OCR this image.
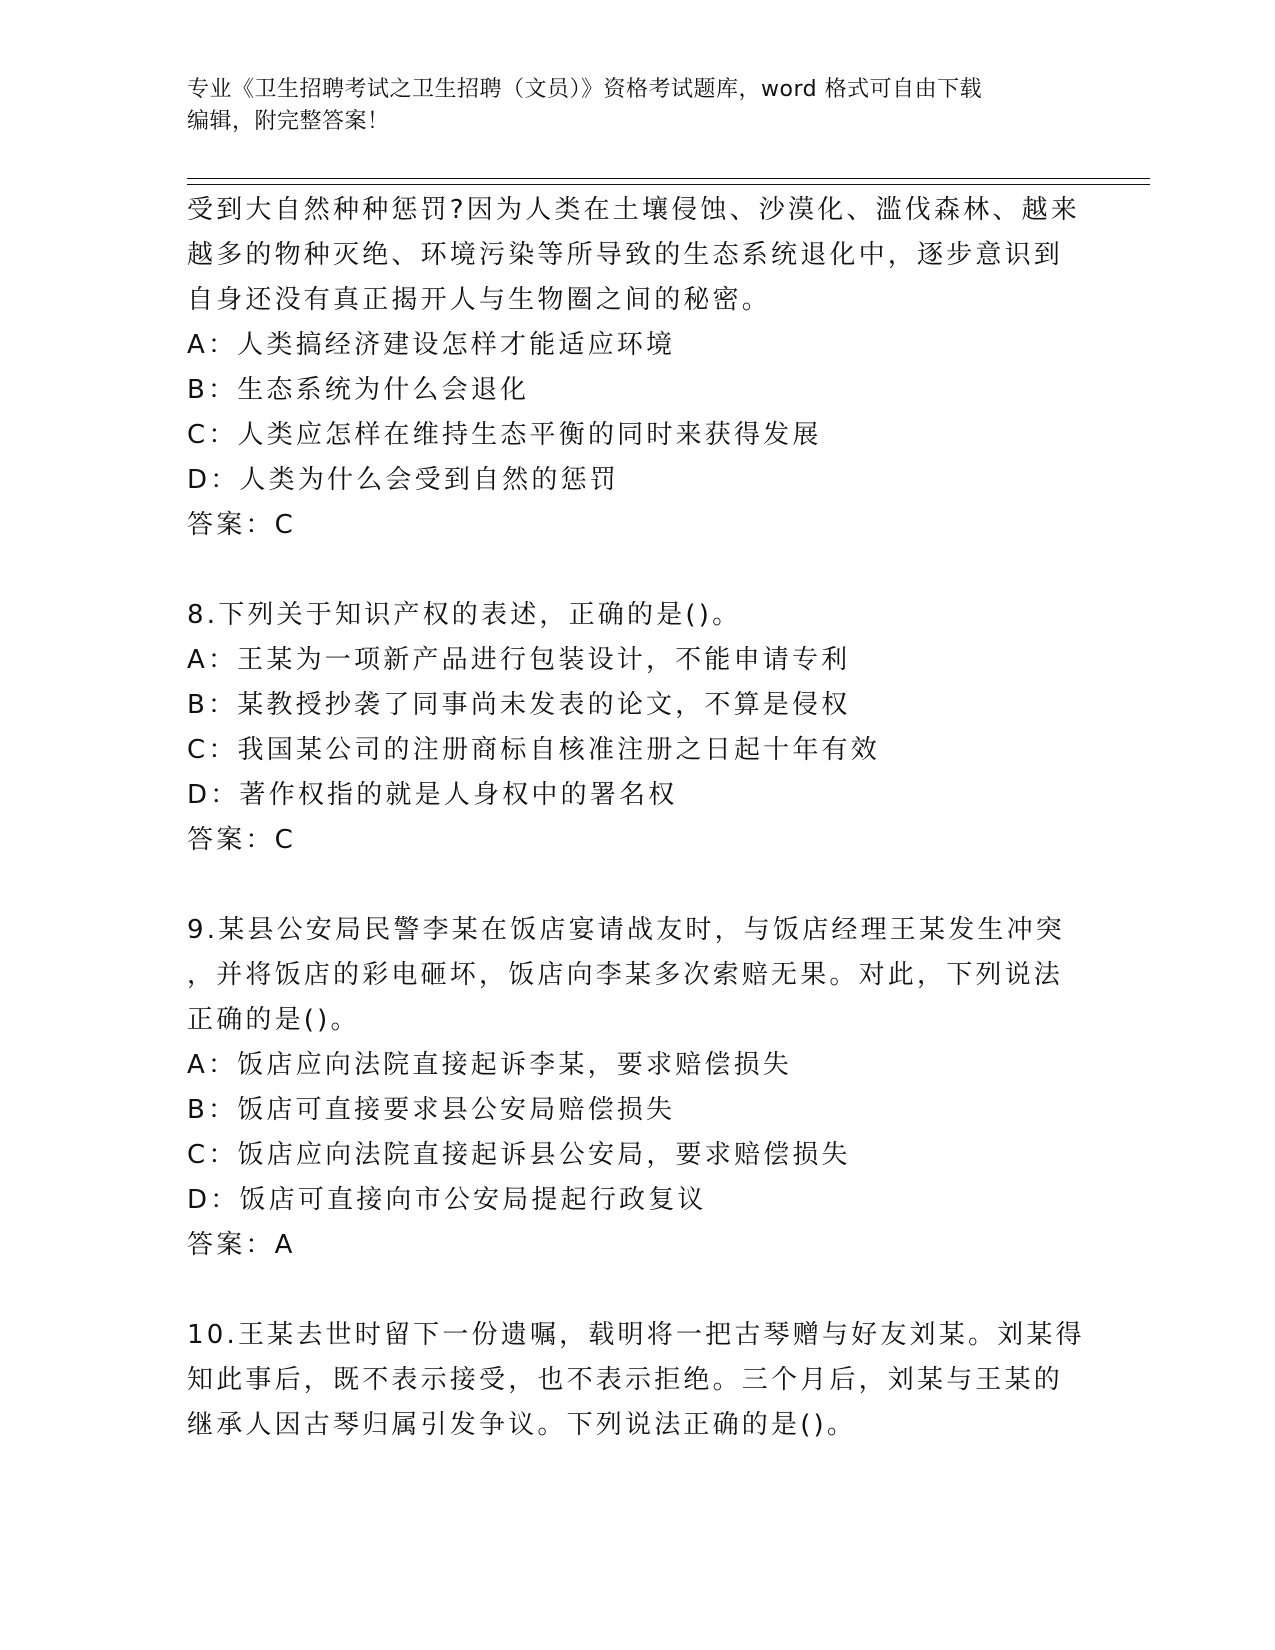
专业《卫生招聘考试之卫生招聘（文员）》资格考试题库，word 格式可自由下载
编辑，附完整答案！
受到大自然种种惩罚?因为人类在土壤侵蚀、沙漠化、滥伐森林、越来
越多的物种灭绝、环境污染等所导致的生态系统退化中，逐步意识到
自身还没有真正揭开人与生物圈之间的秘密。
A：人类搞经济建设怎样才能适应环境
B：生态系统为什么会退化
C：人类应怎样在维持生态平衡的同时来获得发展
D：人类为什么会受到自然的惩罚
答案：C
8.下列关于知识产权的表述，正确的是()。
A：王某为一项新产品进行包装设计，不能申请专利
B：某教授抄袭了同事尚未发表的论文，不算是侵权
C：我国某公司的注册商标自核准注册之日起十年有效
D：著作权指的就是人身权中的署名权
答案：C
9.某县公安局民警李某在饭店宴请战友时，与饭店经理王某发生冲突
，并将饭店的彩电砸坏，饭店向李某多次索赔无果。对此，下列说法
正确的是()。
A：饭店应向法院直接起诉李某，要求赔偿损失
B：饭店可直接要求县公安局赔偿损失
C：饭店应向法院直接起诉县公安局，要求赔偿损失
D：饭店可直接向市公安局提起行政复议
答案：A
10.王某去世时留下一份遗嘱，载明将一把古琴赠与好友刘某。刘某得
知此事后，既不表示接受，也不表示拒绝。三个月后，刘某与王某的
继承人因古琴归属引发争议。下列说法正确的是()。
